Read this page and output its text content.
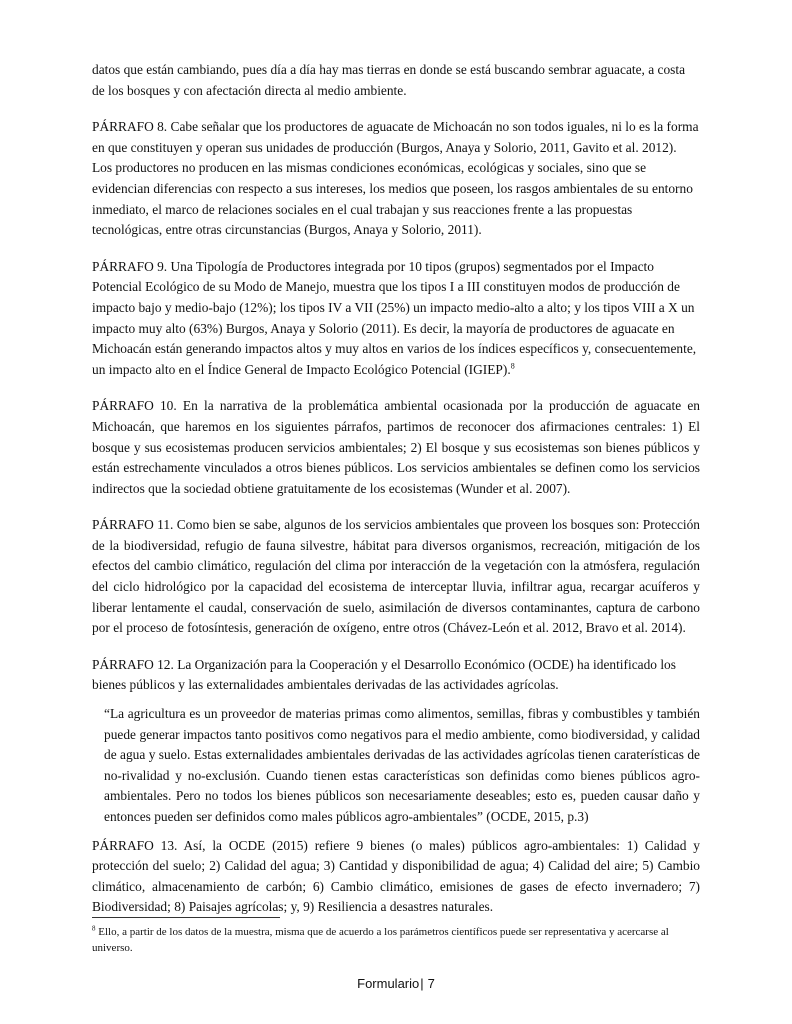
datos que están cambiando, pues día a día hay mas tierras en donde se está buscando sembrar aguacate, a costa de los bosques y con afectación directa al medio ambiente.

PÁRRAFO 8. Cabe señalar que los productores de aguacate de Michoacán no son todos iguales, ni lo es la forma en que constituyen y operan sus unidades de producción (Burgos, Anaya y Solorio, 2011, Gavito et al. 2012). Los productores no producen en las mismas condiciones económicas, ecológicas y sociales, sino que se evidencian diferencias con respecto a sus intereses, los medios que poseen, los rasgos ambientales de su entorno inmediato, el marco de relaciones sociales en el cual trabajan y sus reacciones frente a las propuestas tecnológicas, entre otras circunstancias (Burgos, Anaya y Solorio, 2011).

PÁRRAFO 9. Una Tipología de Productores integrada por 10 tipos (grupos) segmentados por el Impacto Potencial Ecológico de su Modo de Manejo, muestra que los tipos I a III constituyen modos de producción de impacto bajo y medio-bajo (12%); los tipos IV a VII (25%) un impacto medio-alto a alto; y los tipos VIII a X un impacto muy alto (63%) Burgos, Anaya y Solorio (2011). Es decir, la mayoría de productores de aguacate en Michoacán están generando impactos altos y muy altos en varios de los índices específicos y, consecuentemente, un impacto alto en el Índice General de Impacto Ecológico Potencial (IGIEP).$^8$

PÁRRAFO 10. En la narrativa de la problemática ambiental ocasionada por la producción de aguacate en Michoacán, que haremos en los siguientes párrafos, partimos de reconocer dos afirmaciones centrales: 1) El bosque y sus ecosistemas producen servicios ambientales; 2) El bosque y sus ecosistemas son bienes públicos y están estrechamente vinculados a otros bienes públicos. Los servicios ambientales se definen como los servicios indirectos que la sociedad obtiene gratuitamente de los ecosistemas (Wunder et al. 2007).

PÁRRAFO 11. Como bien se sabe, algunos de los servicios ambientales que proveen los bosques son: Protección de la biodiversidad, refugio de fauna silvestre, hábitat para diversos organismos, recreación, mitigación de los efectos del cambio climático, regulación del clima por interacción de la vegetación con la atmósfera, regulación del ciclo hidrológico por la capacidad del ecosistema de interceptar lluvia, infiltrar agua, recargar acuíferos y liberar lentamente el caudal, conservación de suelo, asimilación de diversos contaminantes, captura de carbono por el proceso de fotosíntesis, generación de oxígeno, entre otros (Chávez-León et al. 2012, Bravo et al. 2014).

PÁRRAFO 12. La Organización para la Cooperación y el Desarrollo Económico (OCDE) ha identificado los bienes públicos y las externalidades ambientales derivadas de las actividades agrícolas.

“La agricultura es un proveedor de materias primas como alimentos, semillas, fibras y combustibles y también puede generar impactos tanto positivos como negativos para el medio ambiente, como biodiversidad, y calidad de agua y suelo. Estas externalidades ambientales derivadas de las actividades agrícolas tienen caraterísticas de no-rivalidad y no-exclusión. Cuando tienen estas características son definidas como bienes públicos agro-ambientales. Pero no todos los bienes públicos son necesariamente deseables; esto es, pueden causar daño y entonces pueden ser definidos como males públicos agro-ambientales” (OCDE, 2015, p.3)

PÁRRAFO 13. Así, la OCDE (2015) refiere 9 bienes (o males) públicos agro-ambientales: 1) Calidad y protección del suelo; 2) Calidad del agua; 3) Cantidad y disponibilidad de agua; 4) Calidad del aire; 5) Cambio climático, almacenamiento de carbón; 6) Cambio climático, emisiones de gases de efecto invernadero; 7) Biodiversidad; 8) Paisajes agrícolas; y, 9) Resiliencia a desastres naturales.

$^8$ Ello, a partir de los datos de la muestra, misma que de acuerdo a los parámetros científicos puede ser representativa y acercarse al universo.

Formulario| 7
